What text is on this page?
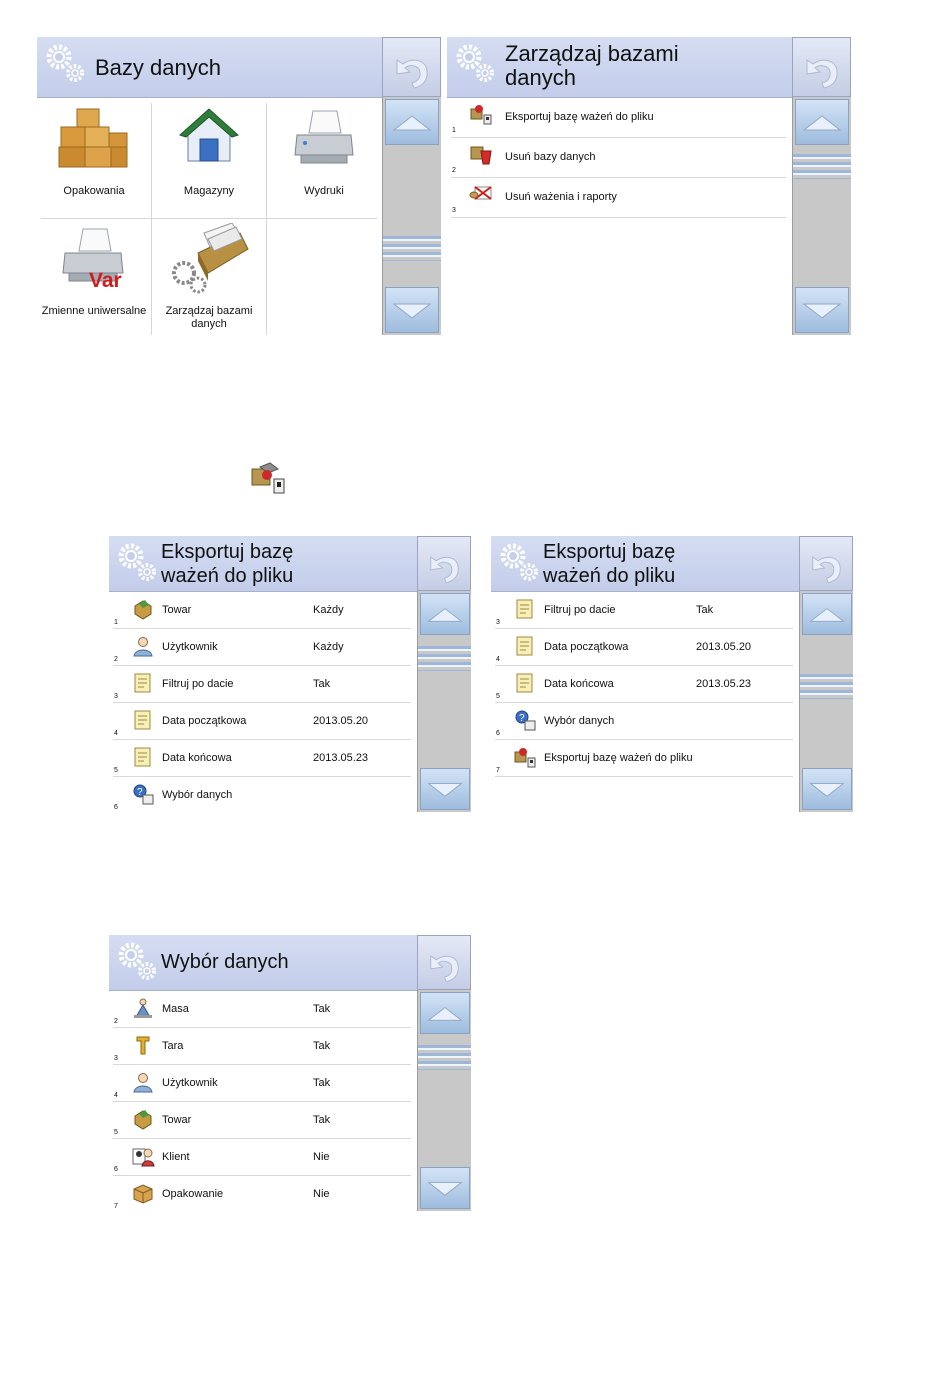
Bazy danych
Opakowania	Magazyny	Wydruki
Var
Zmienne uniwersalne	Zarządzaj bazami danych
Zarządzaj bazami
danych
Eksportuj bazę ważeń do pliku
1
Usuń bazy danych
2
Usuń ważenia i raporty
3
Eksportuj bazę
ważeń do pliku
Towar	Każdy
1
Użytkownik	Każdy
2
Filtruj po dacie	Tak
3
Data początkowa	2013.05.20
4
Data końcowa	2013.05.23
5
? Wybór danych
6
Eksportuj bazę
ważeń do pliku
Filtruj po dacie	Tak
3
Data początkowa	2013.05.20
4
Data końcowa	2013.05.23
5
? Wybór danych
6
Eksportuj bazę ważeń do pliku
7
Wybór danych
Masa	Tak
2
Tara	Tak
3
Użytkownik	Tak
4
Towar	Tak
5
Klient	Nie
6
Opakowanie	Nie
7
